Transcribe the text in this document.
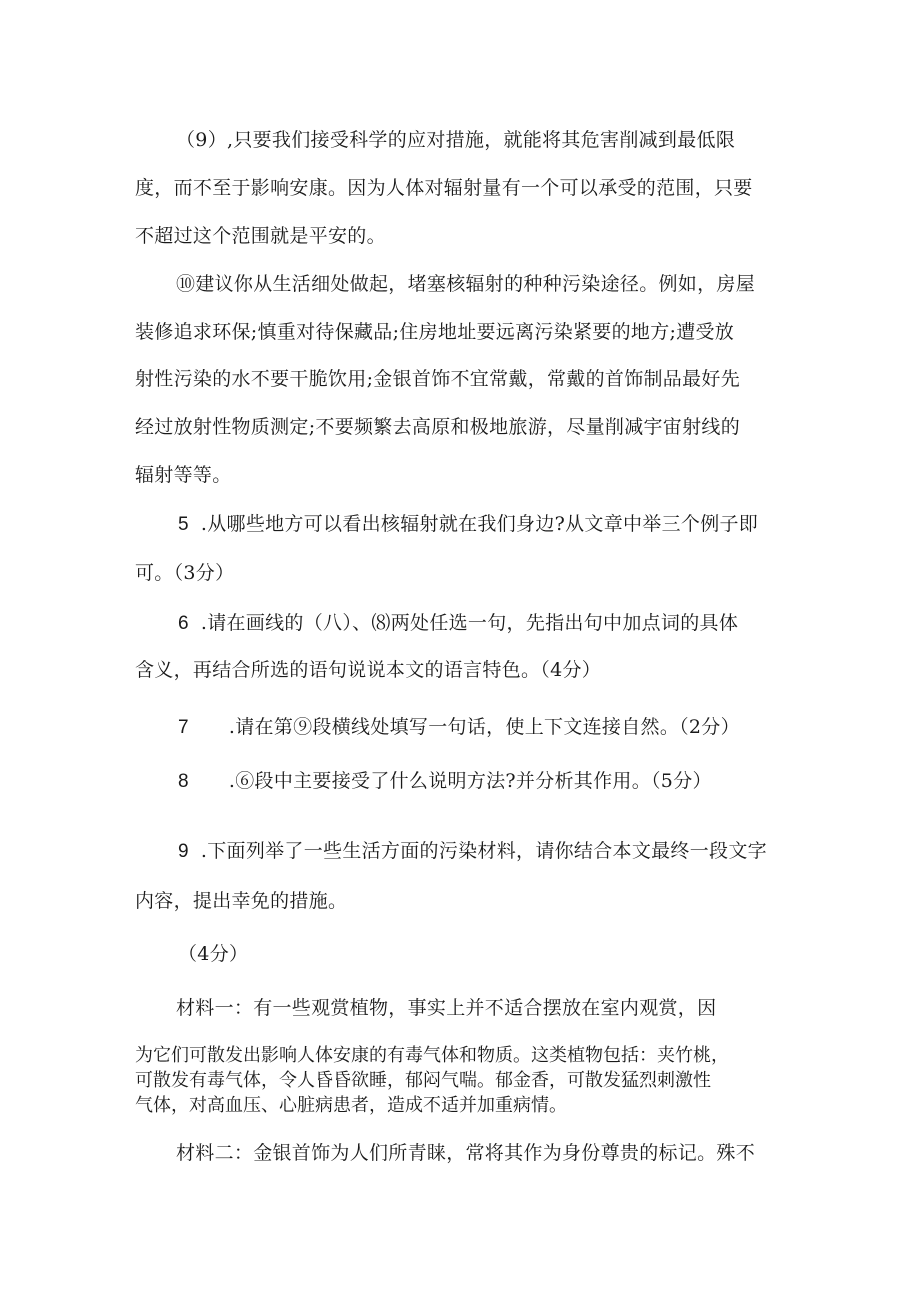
（9）,只要我们接受科学的应对措施，就能将其危害削减到最低限
度，而不至于影响安康。因为人体对辐射量有一个可以承受的范围，只要
不超过这个范围就是平安的。
⑩建议你从生活细处做起，堵塞核辐射的种种污染途径。例如，房屋
装修追求环保;慎重对待保藏品;住房地址要远离污染紧要的地方;遭受放
射性污染的水不要干脆饮用;金银首饰不宜常戴，常戴的首饰制品最好先
经过放射性物质测定;不要频繁去高原和极地旅游，尽量削减宇宙射线的
辐射等等。
5 .从哪些地方可以看出核辐射就在我们身边?从文章中举三个例子即
可。（3分）
6 .请在画线的（八）、⑻两处任选一句，先指出句中加点词的具体
含义，再结合所选的语句说说本文的语言特色。（4分）
7 .请在第⑨段横线处填写一句话，使上下文连接自然。（2分）
8 .⑥段中主要接受了什么说明方法?并分析其作用。（5分）
9 .下面列举了一些生活方面的污染材料，请你结合本文最终一段文字
内容，提出幸免的措施。
（4分）
材料一：有一些观赏植物，事实上并不适合摆放在室内观赏，因
为它们可散发出影响人体安康的有毒气体和物质。这类植物包括：夹竹桃，
可散发有毒气体，令人昏昏欲睡，郁闷气喘。郁金香，可散发猛烈刺激性
气体，对高血压、心脏病患者，造成不适并加重病情。
材料二：金银首饰为人们所青睐，常将其作为身份尊贵的标记。殊不
